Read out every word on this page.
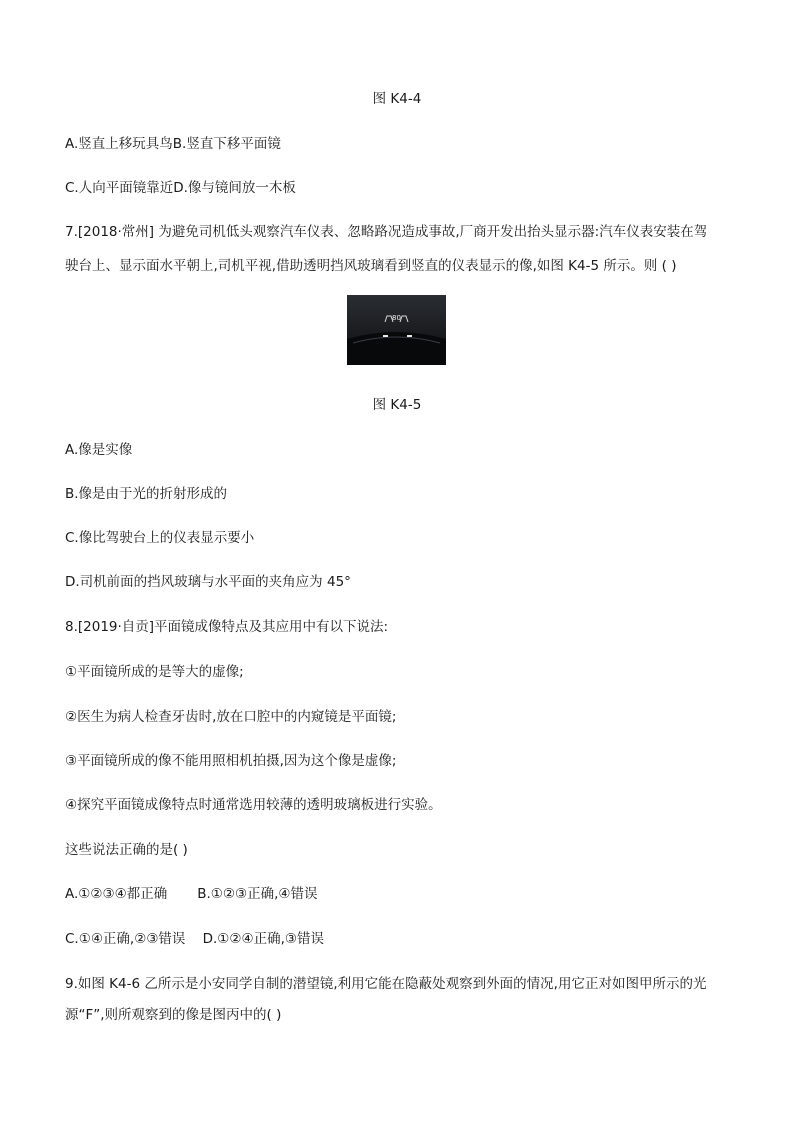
图 K4-4
A.竖直上移玩具鸟B.竖直下移平面镜
C.人向平面镜靠近D.像与镜间放一木板
7.[2018·常州] 为避免司机低头观察汽车仪表、忽略路况造成事故,厂商开发出抬头显示器:汽车仪表安装在驾
驶台上、显示面水平朝上,司机平视,借助透明挡风玻璃看到竖直的仪表显示的像,如图 K4-5 所示。则 ( )
80
图 K4-5
A.像是实像
B.像是由于光的折射形成的
C.像比驾驶台上的仪表显示要小
D.司机前面的挡风玻璃与水平面的夹角应为 45°
8.[2019·自贡]平面镜成像特点及其应用中有以下说法:
①平面镜所成的是等大的虚像;
②医生为病人检查牙齿时,放在口腔中的内窥镜是平面镜;
③平面镜所成的像不能用照相机拍摄,因为这个像是虚像;
④探究平面镜成像特点时通常选用较薄的透明玻璃板进行实验。
这些说法正确的是( )
A.①②③④都正确       B.①②③正确,④错误
C.①④正确,②③错误    D.①②④正确,③错误
9.如图 K4-6 乙所示是小安同学自制的潜望镜,利用它能在隐蔽处观察到外面的情况,用它正对如图甲所示的光
源“F”,则所观察到的像是图丙中的( )
